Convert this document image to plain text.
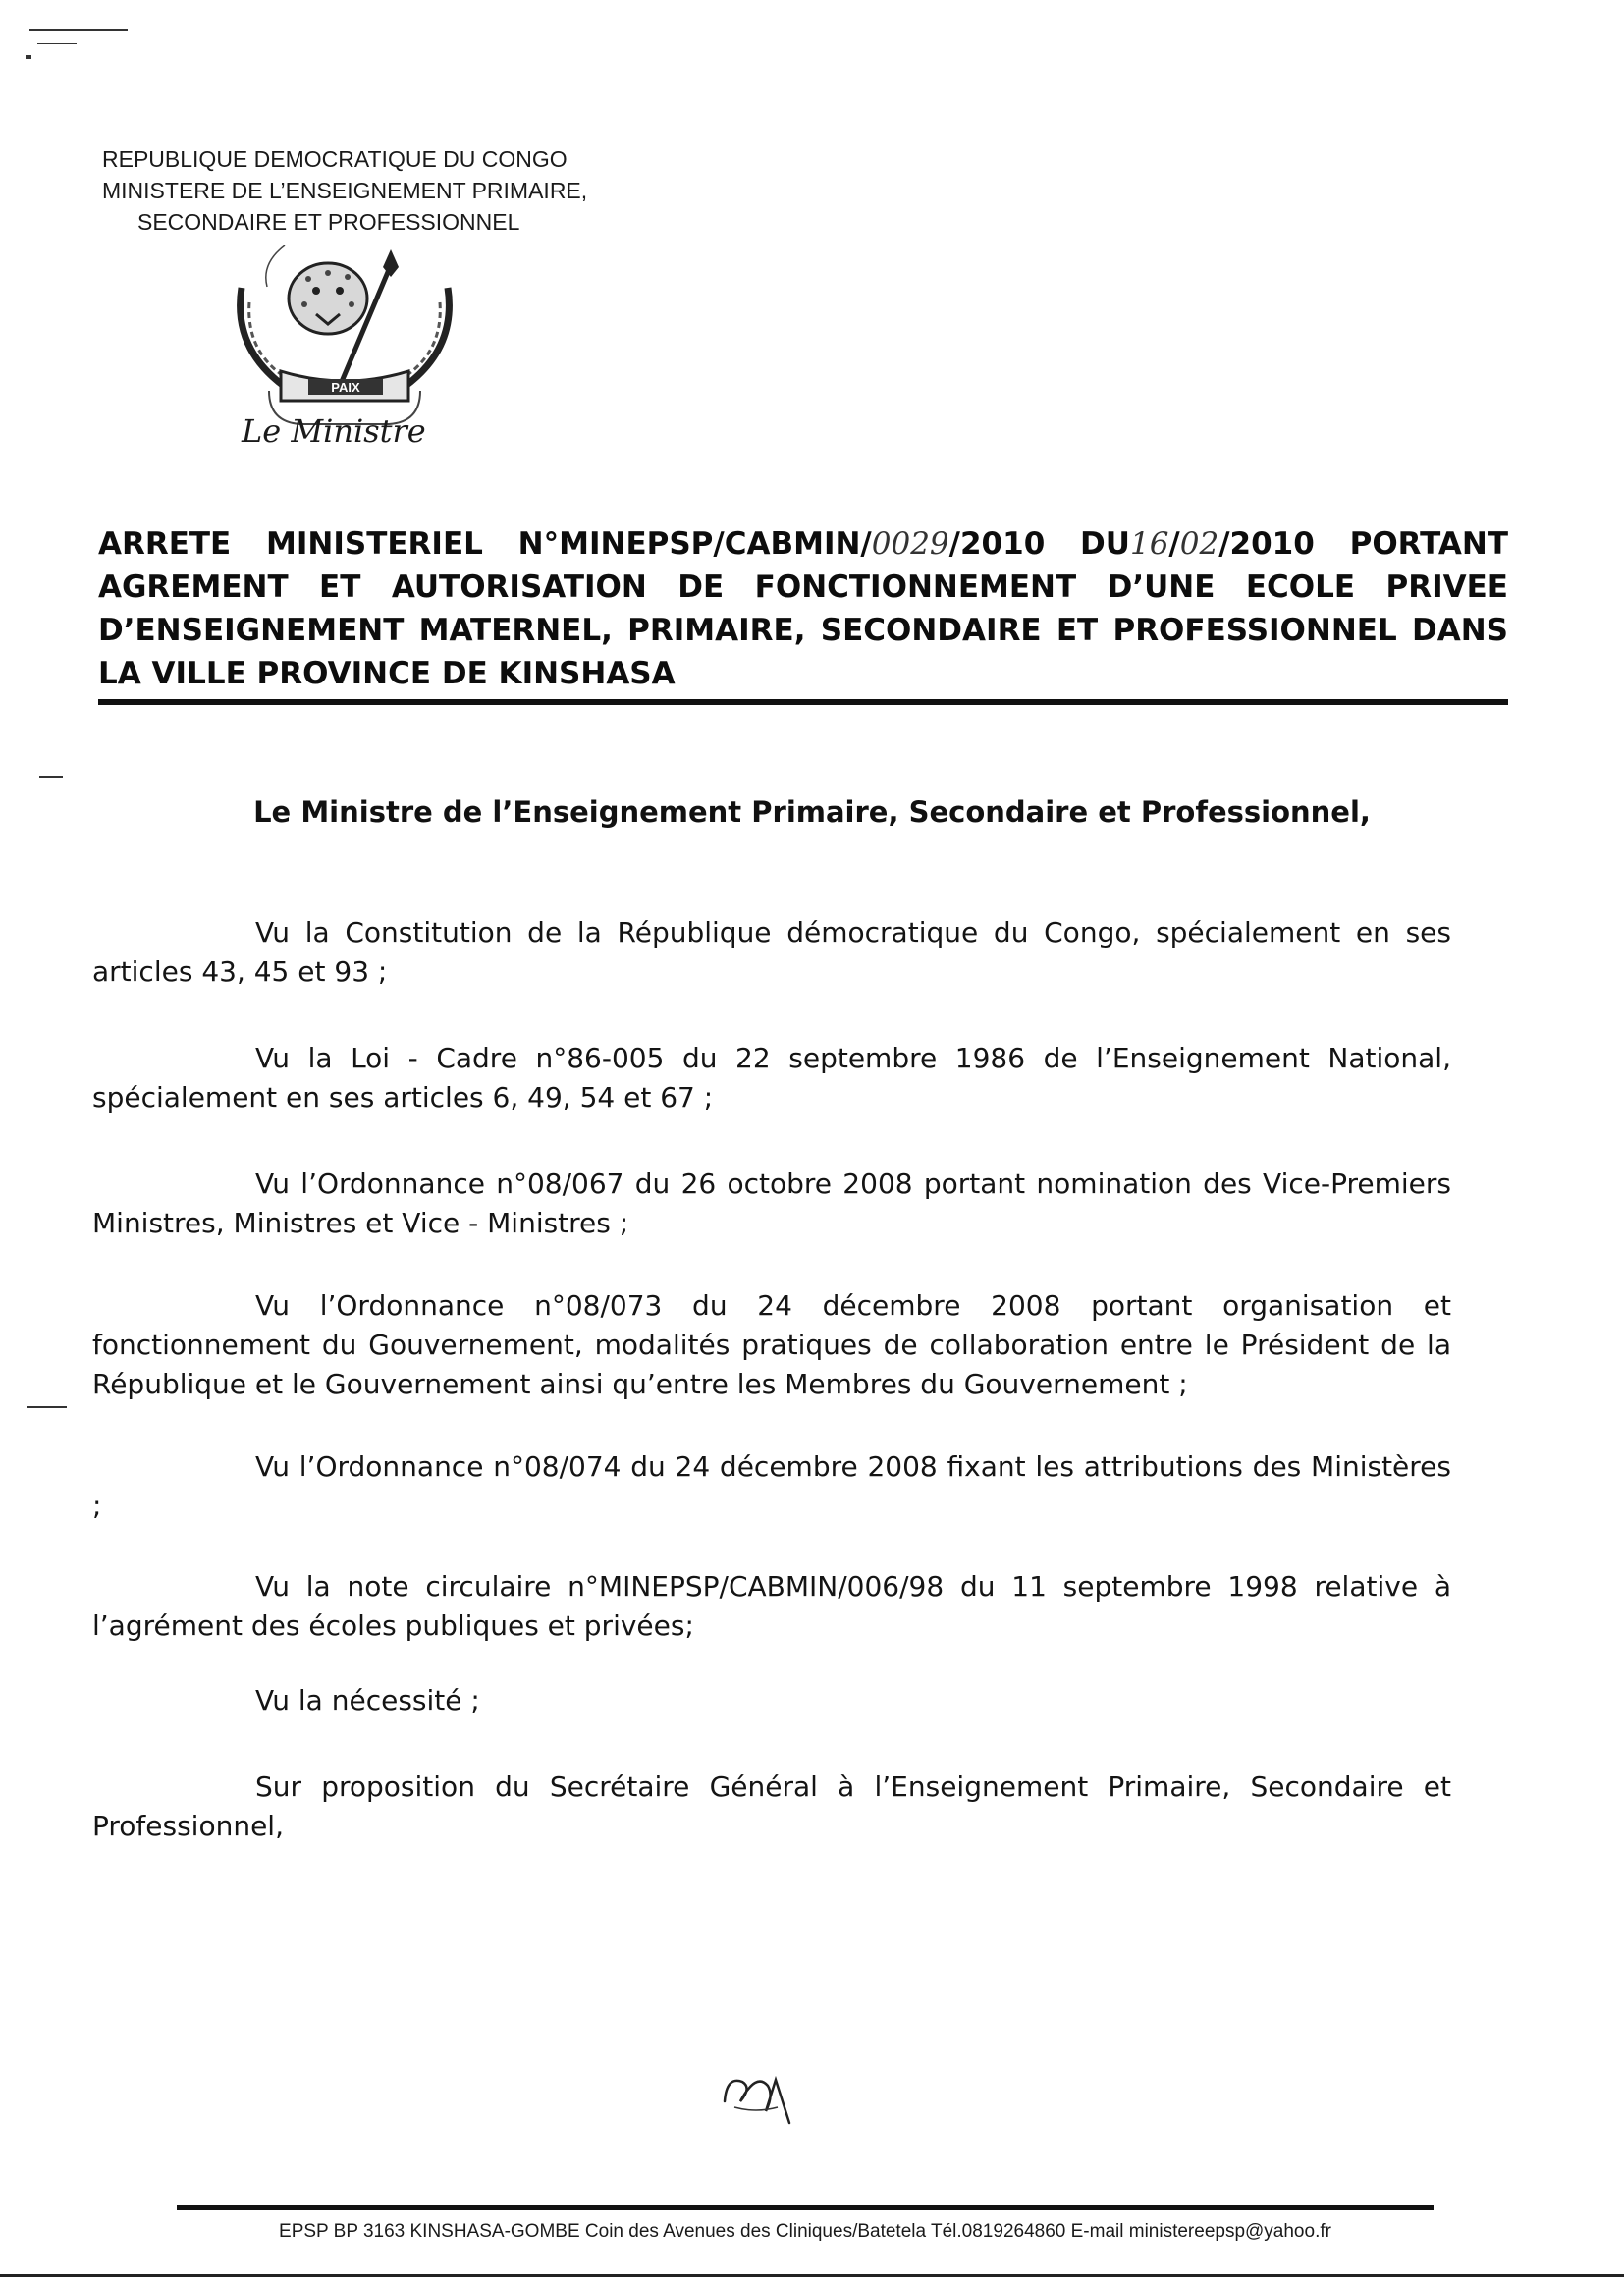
REPUBLIQUE DEMOCRATIQUE DU CONGO
MINISTERE DE L’ENSEIGNEMENT PRIMAIRE,
SECONDAIRE ET PROFESSIONNEL
PAIX
Le Ministre
ARRETE MINISTERIEL N°MINEPSP/CABMIN/0029/2010 DU16/02/2010 PORTANT AGREMENT ET AUTORISATION DE FONCTIONNEMENT D’UNE ECOLE PRIVEE D’ENSEIGNEMENT MATERNEL, PRIMAIRE, SECONDAIRE ET PROFESSIONNEL DANS LA VILLE PROVINCE DE KINSHASA
Le Ministre de l’Enseignement Primaire, Secondaire et Professionnel,

Vu la Constitution de la République démocratique du Congo, spécialement en ses articles 43, 45 et 93 ;

Vu la Loi - Cadre n°86-005 du 22 septembre 1986 de l’Enseignement National, spécialement en ses articles 6, 49, 54 et 67 ;

Vu l’Ordonnance n°08/067 du 26 octobre 2008 portant nomination des Vice-Premiers Ministres, Ministres et Vice - Ministres ;

Vu l’Ordonnance n°08/073 du 24 décembre 2008 portant organisation et fonctionnement du Gouvernement, modalités pratiques de collaboration entre le Président de la République et le Gouvernement ainsi qu’entre les Membres du Gouvernement ;

Vu l’Ordonnance n°08/074 du 24 décembre 2008 fixant les attributions des Ministères ;

Vu la note circulaire n°MINEPSP/CABMIN/006/98 du 11 septembre 1998 relative à l’agrément des écoles publiques et privées;

Vu la nécessité ;

Sur proposition du Secrétaire Général à l’Enseignement Primaire, Secondaire et Professionnel,

EPSP BP 3163 KINSHASA-GOMBE Coin des Avenues des Cliniques/Batetela Tél.0819264860 E-mail ministereepsp@yahoo.fr
